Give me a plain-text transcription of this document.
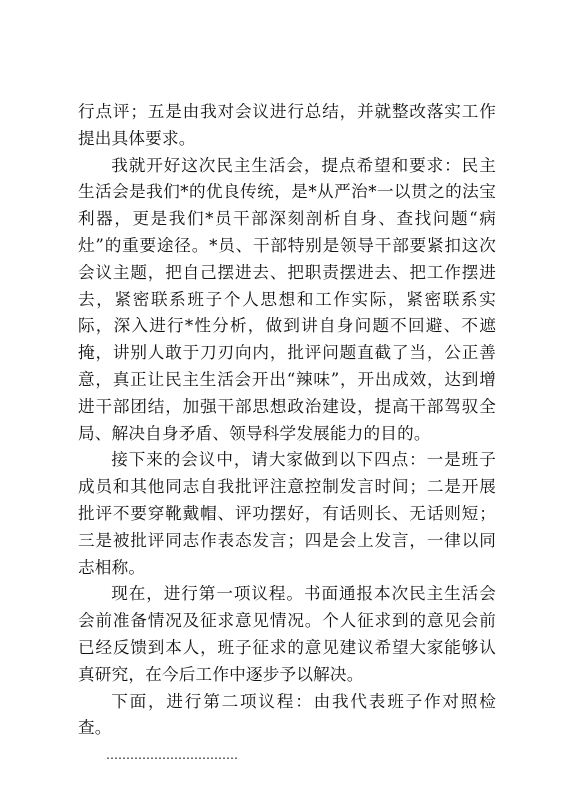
行点评；五是由我对会议进行总结，并就整改落实工作提出具体要求。

我就开好这次民主生活会，提点希望和要求：民主生活会是我们*的优良传统，是*从严治*一以贯之的法宝利器，更是我们*员干部深刻剖析自身、查找问题“病灶”的重要途径。*员、干部特别是领导干部要紧扣这次会议主题，把自己摆进去、把职责摆进去、把工作摆进去，紧密联系班子个人思想和工作实际，紧密联系实际，深入进行*性分析，做到讲自身问题不回避、不遮掩，讲别人敢于刀刃向内，批评问题直截了当，公正善意，真正让民主生活会开出“辣味”，开出成效，达到增进干部团结，加强干部思想政治建设，提高干部驾驭全局、解决自身矛盾、领导科学发展能力的目的。

接下来的会议中，请大家做到以下四点：一是班子成员和其他同志自我批评注意控制发言时间；二是开展批评不要穿靴戴帽、评功摆好，有话则长、无话则短；三是被批评同志作表态发言；四是会上发言，一律以同志相称。

现在，进行第一项议程。书面通报本次民主生活会会前准备情况及征求意见情况。个人征求到的意见会前已经反馈到本人，班子征求的意见建议希望大家能够认真研究，在今后工作中逐步予以解决。

下面，进行第二项议程：由我代表班子作对照检查。

……………………………
